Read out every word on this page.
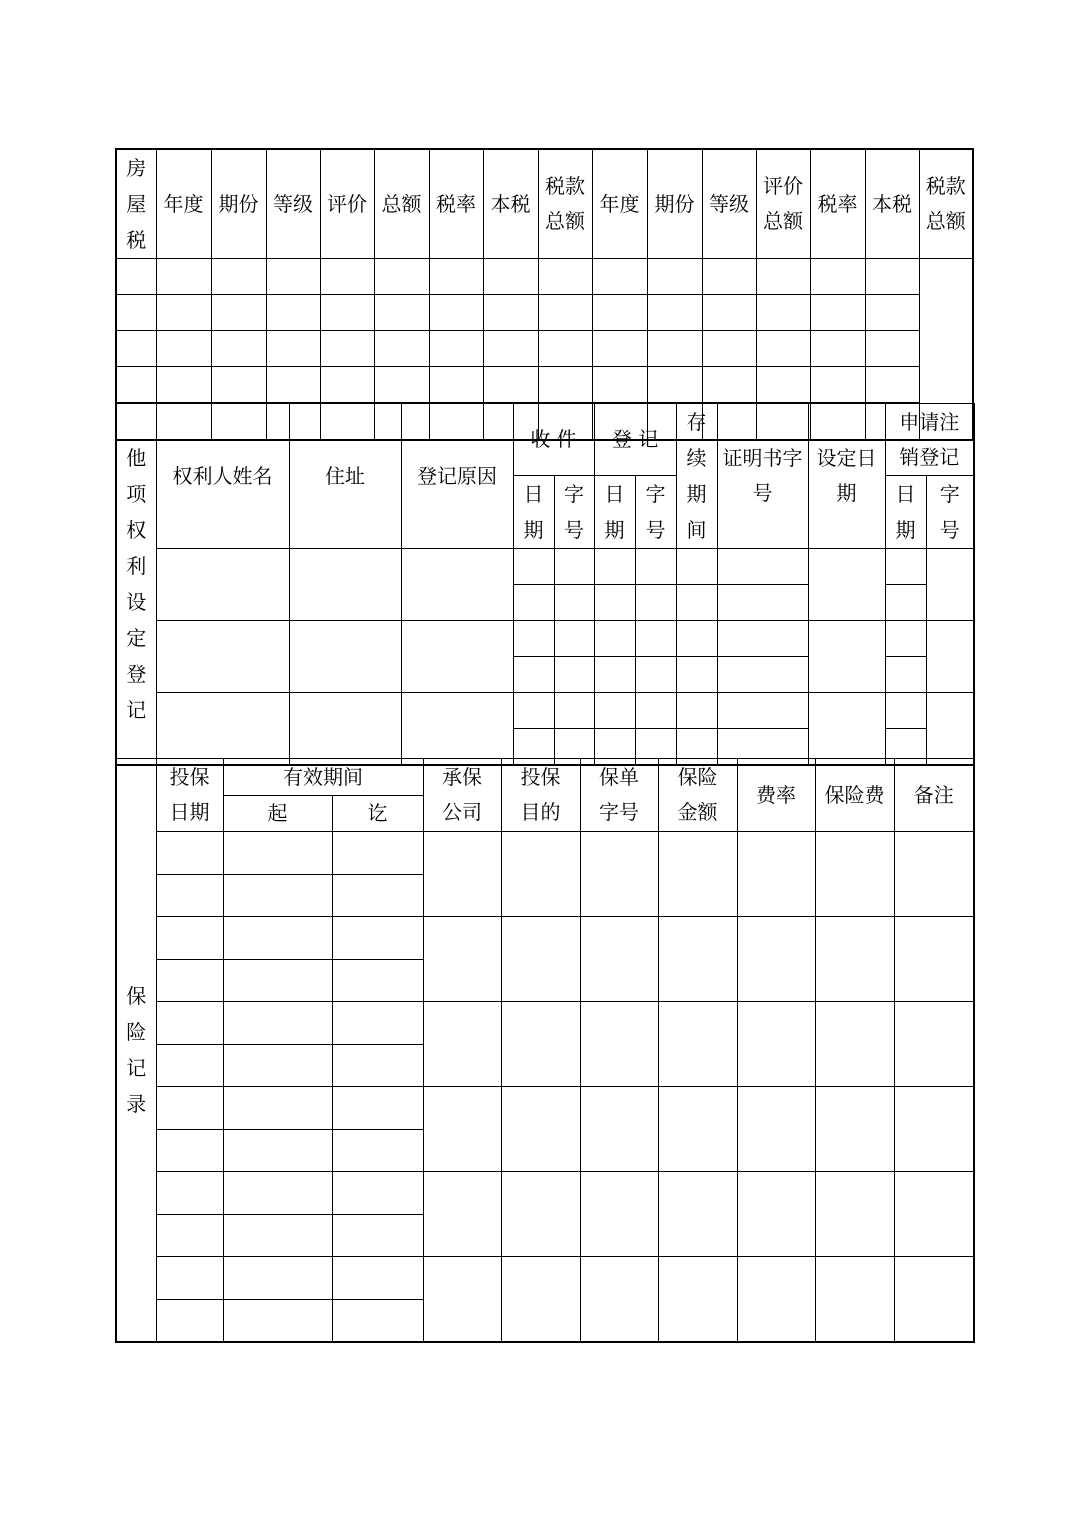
房屋税	年度	期份	等级	评价	总额	税率	本税	税款总额	年度	期份	等级	评价总额	税率	本税	税款总额

他项权利设定登记	权利人姓名	住址	登记原因	收 件		登 记		存续期间	证明书字号	设定日期	申请注销登记	
				日期	字号	日期	字号				日期	字号

保险记录	投保日期	有效期间		承保公司	投保目的	保单字号	保险金额	费率	保险费	备注
		起	讫							
